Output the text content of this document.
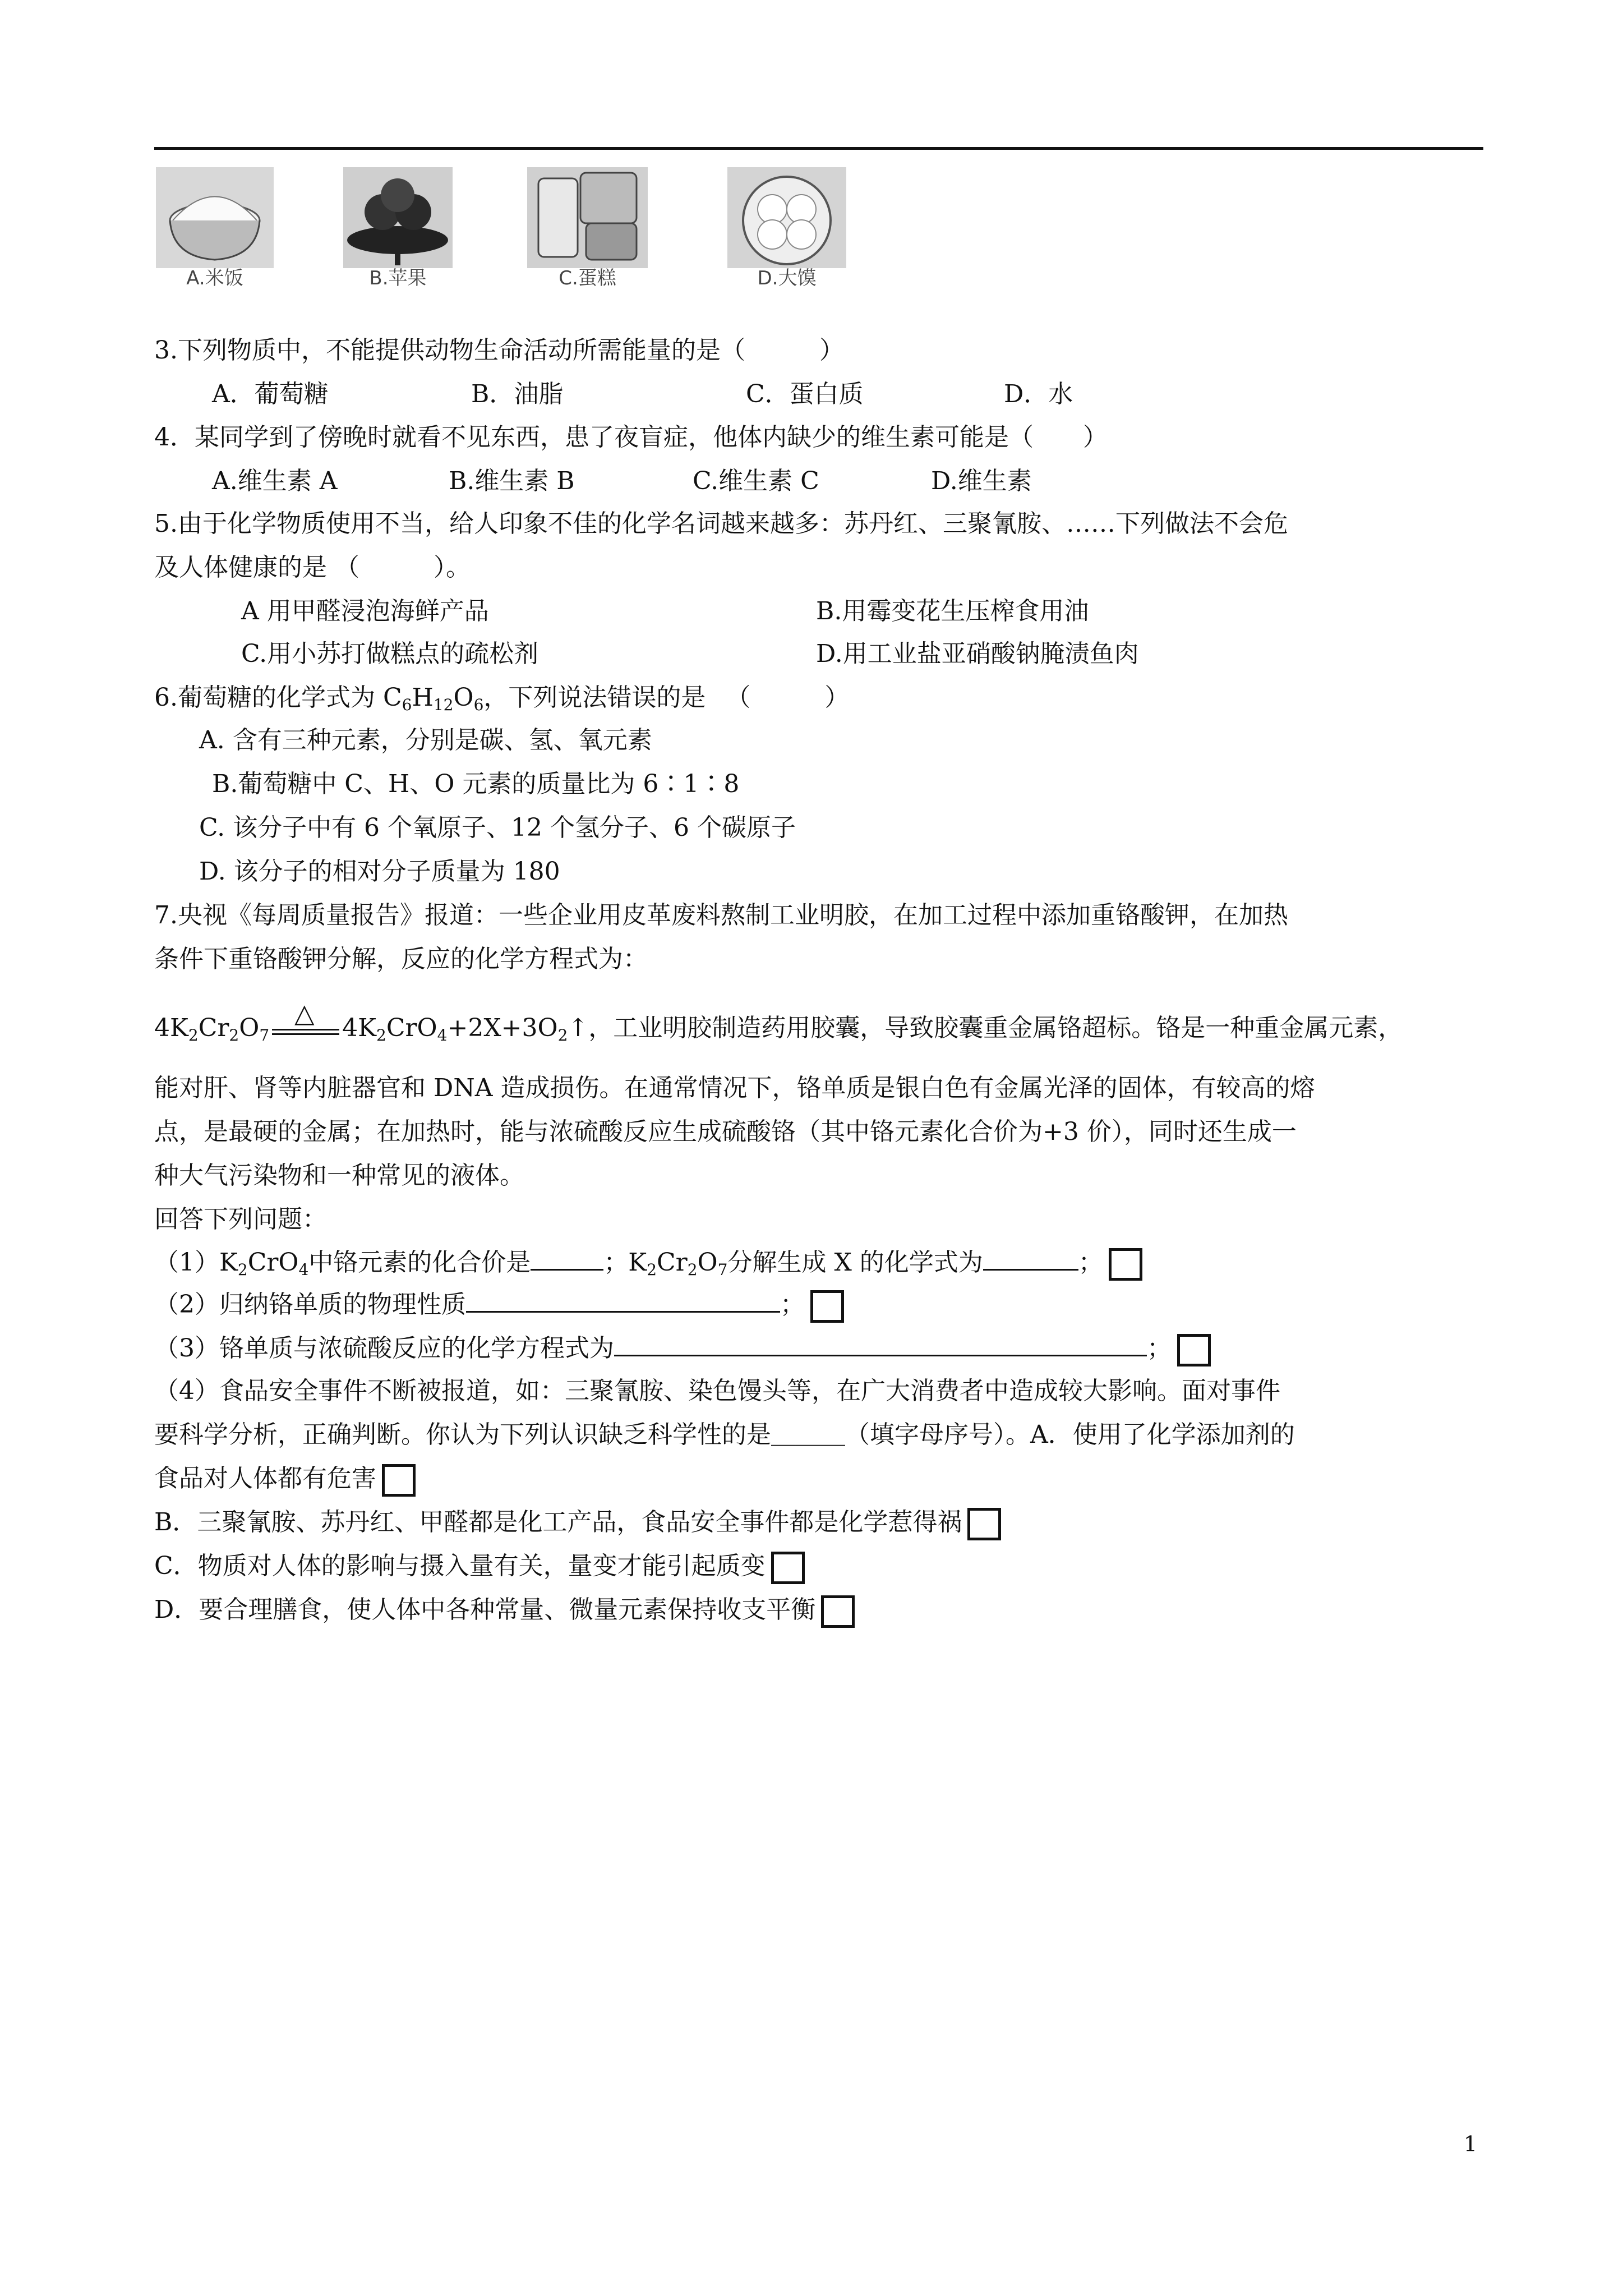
A.米饭	B.苹果	C.蛋糕	D.大馍
3.下列物质中，不能提供动物生命活动所需能量的是（　　　）
A．葡萄糖	B．油脂	C．蛋白质	D．水
4．某同学到了傍晚时就看不见东西，患了夜盲症，他体内缺少的维生素可能是（　　）
A.维生素 A	B.维生素 B	C.维生素 C	D.维生素
5.由于化学物质使用不当，给人印象不佳的化学名词越来越多：苏丹红、三聚氰胺、……下列做法不会危
及人体健康的是 （　　　）。
A 用甲醛浸泡海鲜产品	B.用霉变花生压榨食用油
C.用小苏打做糕点的疏松剂	D.用工业盐亚硝酸钠腌渍鱼肉
6.葡萄糖的化学式为 $C_6H_{12}O_6$，下列说法错误的是 　（　　　）
A. 含有三种元素，分别是碳、氢、氧元素
B.葡萄糖中 C、H、O 元素的质量比为 6∶1∶8
C. 该分子中有 6 个氧原子、12 个氢分子、6 个碳原子
D. 该分子的相对分子质量为 180
7.央视《每周质量报告》报道：一些企业用皮革废料熬制工业明胶，在加工过程中添加重铬酸钾，在加热
条件下重铬酸钾分解，反应的化学方程式为：
$4K_2Cr_2O_7$
△ $4K_2CrO_4+2X+3O_2↑$，工业明胶制造药用胶囊，导致胶囊重金属铬超标。铬是一种重金属元素，
能对肝、肾等内脏器官和 DNA 造成损伤。在通常情况下，铬单质是银白色有金属光泽的固体，有较高的熔
点，是最硬的金属；在加热时，能与浓硫酸反应生成硫酸铬（其中铬元素化合价为+3 价），同时还生成一
种大气污染物和一种常见的液体。
回答下列问题：
$(1)K_2CrO_4$中铬元素的化合价是	；$K_2Cr_2O_7$分解生成 X 的化学式为	；
（2）归纳铬单质的物理性质	；
（3）铬单质与浓硫酸反应的化学方程式为	；
（4）食品安全事件不断被报道，如：三聚氰胺、染色馒头等，在广大消费者中造成较大影响。面对事件
要科学分析，正确判断。你认为下列认识缺乏科学性的是＿＿＿（填字母序号）。A．使用了化学添加剂的
食品对人体都有危害
B．三聚氰胺、苏丹红、甲醛都是化工产品，食品安全事件都是化学惹得祸
C．物质对人体的影响与摄入量有关，量变才能引起质变
D．要合理膳食，使人体中各种常量、微量元素保持收支平衡
1
